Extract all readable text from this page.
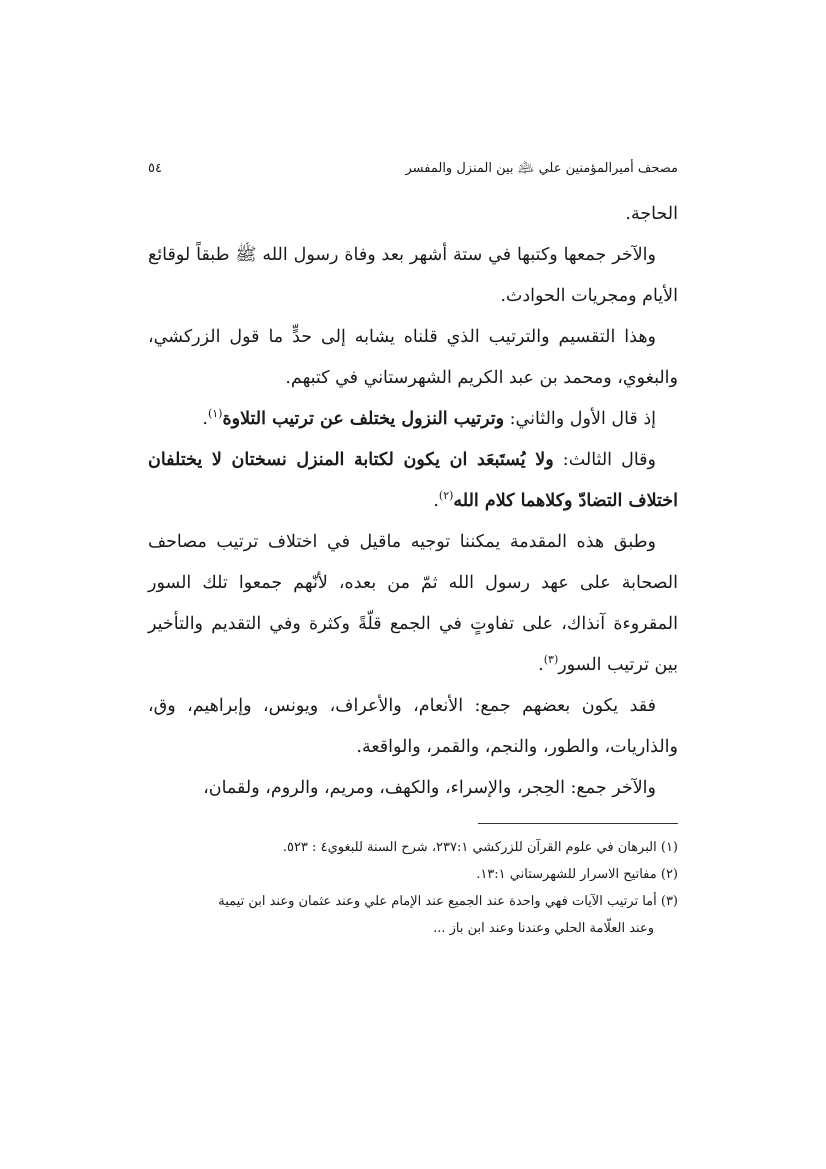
مصحف أميرالمؤمنين علي ﵇ بين المنزل والمفسر
٥٤

الحاجة.

والآخر جمعها وكتبها في ستة أشهر بعد وفاة رسول الله ﷺ طبقاً لوقائع الأيام ومجريات الحوادث.

وهذا التقسيم والترتيب الذي قلناه يشابه إلى حدٍّ ما قول الزركشي، والبغوي، ومحمد بن عبد الكريم الشهرستاني في كتبهم.

إذ قال الأول والثاني: وترتيب النزول يختلف عن ترتيب التلاوة$^{(١)}$.

وقال الثالث: ولا يُستَبعَد ان يكون لكتابة المنزل نسختان لا يختلفان اختلاف التضادّ وكلاهما كلام الله$^{(٢)}$.

وطبق هذه المقدمة يمكننا توجيه ماقيل في اختلاف ترتيب مصاحف الصحابة على عهد رسول الله ثمّ من بعده، لأنّهم جمعوا تلك السور المقروءة آنذاك، على تفاوتٍ في الجمع قلّةً وكثرة وفي التقديم والتأخير بين ترتيب السور$^{(٣)}$.

فقد يكون بعضهم جمع: الأنعام، والأعراف، ويونس، وإبراهيم، وق، والذاريات، والطور، والنجم، والقمر، والواقعة.

والآخر جمع: الحِجر، والإسراء، والكهف، ومريم، والروم، ولقمان،

(١) البرهان في علوم القرآن للزركشي ٢٣٧:١، شرح السنة للبغوي٤ : ٥٢٣.

(٢) مفاتيح الاسرار للشهرستاني ١٣:١.

(٣) أما ترتيب الآيات فهي واحدة عند الجميع عند الإمام علي وعند عثمان وعند ابن تيمية

وعند العلّامة الحلي وعندنا وعند ابن باز ...
